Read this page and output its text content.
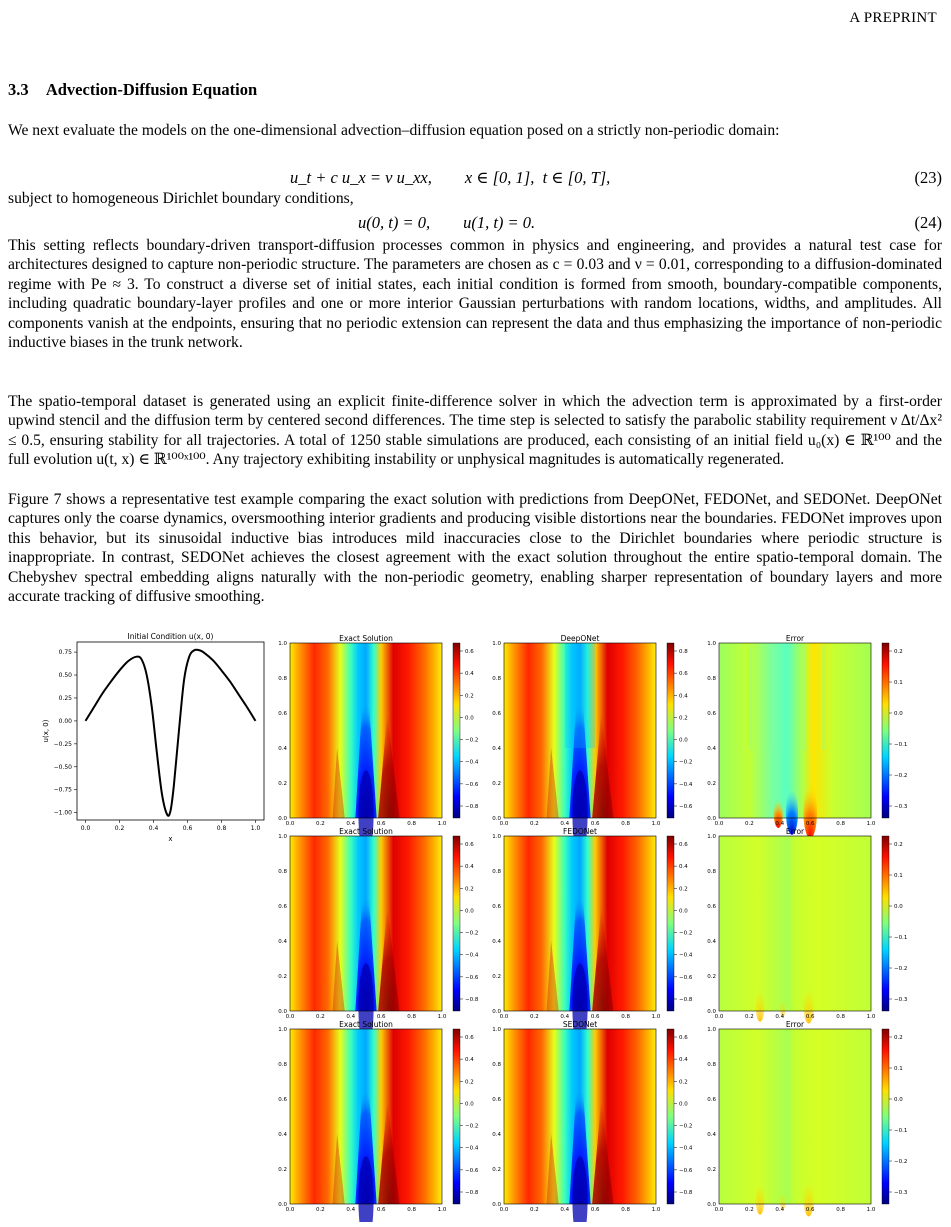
A PREPRINT
3.3 Advection-Diffusion Equation

We next evaluate the models on the one-dimensional advection–diffusion equation posed on a strictly non-periodic domain:

u_t + c u_x = ν u_xx,        x ∈ [0, 1],  t ∈ [0, T],	(23)
subject to homogeneous Dirichlet boundary conditions,
u(0, t) = 0,        u(1, t) = 0.	(24)

This setting reflects boundary-driven transport-diffusion processes common in physics and engineering, and provides a natural test case for architectures designed to capture non-periodic structure. The parameters are chosen as c = 0.03 and ν = 0.01, corresponding to a diffusion-dominated regime with Pe ≈ 3. To construct a diverse set of initial states, each initial condition is formed from smooth, boundary-compatible components, including quadratic boundary-layer profiles and one or more interior Gaussian perturbations with random locations, widths, and amplitudes. All components vanish at the endpoints, ensuring that no periodic extension can represent the data and thus emphasizing the importance of non-periodic inductive biases in the trunk network.

The spatio-temporal dataset is generated using an explicit finite-difference solver in which the advection term is approximated by a first-order upwind stencil and the diffusion term by centered second differences. The time step is selected to satisfy the parabolic stability requirement ν Δt/Δx² ≤ 0.5, ensuring stability for all trajectories. A total of 1250 stable simulations are produced, each consisting of an initial field u₀(x) ∈ ℝ¹⁰⁰ and the full evolution u(t, x) ∈ ℝ¹⁰⁰ˣ¹⁰⁰. Any trajectory exhibiting instability or unphysical magnitudes is automatically regenerated.

Figure 7 shows a representative test example comparing the exact solution with predictions from DeepONet, FEDONet, and SEDONet. DeepONet captures only the coarse dynamics, oversmoothing interior gradients and producing visible distortions near the boundaries. FEDONet improves upon this behavior, but its sinusoidal inductive bias introduces mild inaccuracies close to the Dirichlet boundaries where periodic structure is inappropriate. In contrast, SEDONet achieves the closest agreement with the exact solution throughout the entire spatio-temporal domain. The Chebyshev spectral embedding aligns naturally with the non-periodic geometry, enabling sharper representation of boundary layers and more accurate tracking of diffusive smoothing.

Initial Condition u(x, 0)
0.0	0.2	0.4	0.6	0.8	1.0
0.75
0.50
0.25
0.00
−0.25
−0.50
−0.75
−1.00
x
u(x, 0)
Exact Solution
0.0
0.0
0.2
0.2
0.4
0.4
0.6
0.6
0.8
0.8
1.0
1.0
0.6
0.4
0.2
0.0
−0.2
−0.4
−0.6
−0.8
DeepONet
0.0
0.0
0.2
0.2
0.4
0.4
0.6
0.6
0.8
0.8
1.0
1.0
0.8
0.6
0.4
0.2
0.0
−0.2
−0.4
−0.6
Error
0.0
0.0
0.2
0.2
0.4
0.4
0.6
0.6
0.8
0.8
1.0
1.0
0.2
0.1
0.0
−0.1
−0.2
−0.3
Exact Solution
0.0
0.0
0.2
0.2
0.4
0.4
0.6
0.6
0.8
0.8
1.0
1.0
0.6
0.4
0.2
0.0
−0.2
−0.4
−0.6
−0.8
FEDONet
0.0
0.0
0.2
0.2
0.4
0.4
0.6
0.6
0.8
0.8
1.0
1.0
0.6
0.4
0.2
0.0
−0.2
−0.4
−0.6
−0.8
Error
0.0
0.0
0.2
0.2
0.4
0.4
0.6
0.6
0.8
0.8
1.0
1.0
0.2
0.1
0.0
−0.1
−0.2
−0.3
Exact Solution
0.0
0.0
0.2
0.2
0.4
0.4
0.6
0.6
0.8
0.8
1.0
1.0
0.6
0.4
0.2
0.0
−0.2
−0.4
−0.6
−0.8
SEDONet
0.0
0.0
0.2
0.2
0.4
0.4
0.6
0.6
0.8
0.8
1.0
1.0
0.6
0.4
0.2
0.0
−0.2
−0.4
−0.6
−0.8
Error
0.0
0.0
0.2
0.2
0.4
0.4
0.6
0.6
0.8
0.8
1.0
1.0
0.2
0.1
0.0
−0.1
−0.2
−0.3
